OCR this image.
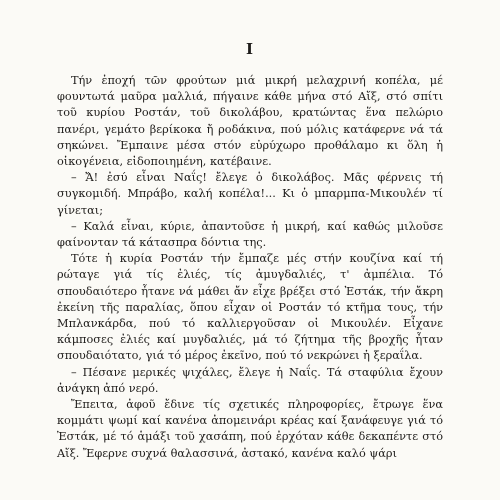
I

Τήν ἐποχή τῶν φρούτων μιά μικρή μελαχρινή κοπέλα, μέ φουντωτά μαῦρα μαλλιά, πήγαινε κάθε μήνα στό Αἴξ, στό σπίτι τοῦ κυρίου Ροστάν, τοῦ δικολάβου, κρατώντας ἕνα πελώριο πανέρι, γεμάτο βερίκοκα ἤ ροδάκινα, πού μόλις κατάφερνε νά τά σηκώνει. Ἔμπαινε μέσα στόν εὐρύχωρο προθάλαμο κι ὅλη ἡ οἰκογένεια, εἰδοποιημένη, κατέβαινε.

– Ἄ! ἐσύ εἶναι Ναΐς! ἔλεγε ὁ δικολάβος. Μᾶς φέρνεις τή συγκομιδή. Μπράβο, καλή κοπέλα!... Κι ὁ μπαρμπα-Μικουλέν τί γίνεται;

– Καλά εἶναι, κύριε, ἀπαντοῦσε ἡ μικρή, καί καθώς μιλοῦσε φαίνονταν τά κάτασπρα δόντια της.

Τότε ἡ κυρία Ροστάν τήν ἔμπαζε μές στήν κουζίνα καί τή ρώταγε γιά τίς ἐλιές, τίς ἀμυγδαλιές, τ' ἀμπέλια. Τό σπουδαιότερο ἦτανε νά μάθει ἄν εἶχε βρέξει στό Ἐστάκ, τήν ἄκρη ἐκείνη τῆς παραλίας, ὅπου εἶχαν οἱ Ροστάν τό κτῆμα τους, τήν Μπλανκάρδα, πού τό καλλιεργοῦσαν οἱ Μικουλέν. Εἶχανε κάμποσες ἐλιές καί μυγδαλιές, μά τό ζήτημα τῆς βροχῆς ἦταν σπουδαιότατο, γιά τό μέρος ἐκεῖνο, πού τό νεκρώνει ἡ ξεραΐλα.

– Πέσανε μερικές ψιχάλες, ἔλεγε ἡ Ναΐς. Τά σταφύλια ἔχουν ἀνάγκη ἀπό νερό.

Ἔπειτα, ἀφοῦ ἔδινε τίς σχετικές πληροφορίες, ἔτρωγε ἕνα κομμάτι ψωμί καί κανένα ἀπομεινάρι κρέας καί ξανάφευγε γιά τό Ἐστάκ, μέ τό ἁμάξι τοῦ χασάπη, πού ἐρχόταν κάθε δεκαπέντε στό Αἴξ. Ἔφερνε συχνά θαλασσινά, ἀστακό, κανένα καλό ψάρι
